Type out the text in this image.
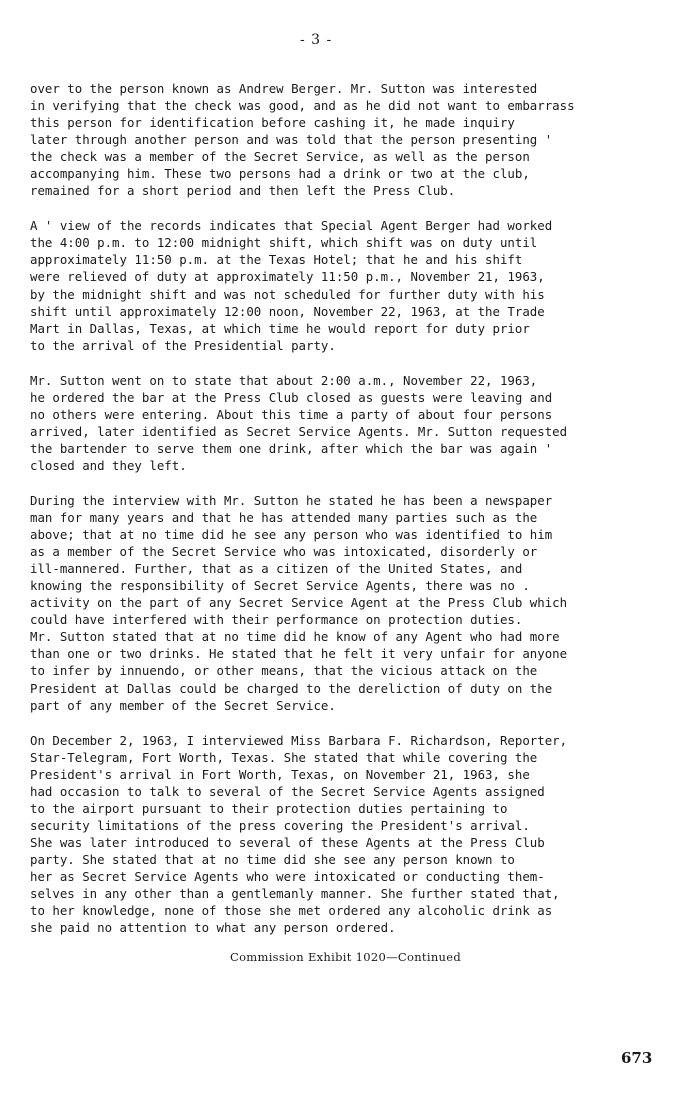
- 3 -
over to the person known as Andrew Berger. Mr. Sutton was interested
in verifying that the check was good, and as he did not want to embarrass
this person for identification before cashing it, he made inquiry
later through another person and was told that the person presenting '
the check was a member of the Secret Service, as well as the person
accompanying him. These two persons had a drink or two at the club,
remained for a short period and then left the Press Club.
A ' view of the records indicates that Special Agent Berger had worked
the 4:00 p.m. to 12:00 midnight shift, which shift was on duty until
approximately 11:50 p.m. at the Texas Hotel; that he and his shift
were relieved of duty at approximately 11:50 p.m., November 21, 1963,
by the midnight shift and was not scheduled for further duty with his
shift until approximately 12:00 noon, November 22, 1963, at the Trade
Mart in Dallas, Texas, at which time he would report for duty prior
to the arrival of the Presidential party.
Mr. Sutton went on to state that about 2:00 a.m., November 22, 1963,
he ordered the bar at the Press Club closed as guests were leaving and
no others were entering. About this time a party of about four persons
arrived, later identified as Secret Service Agents. Mr. Sutton requested
the bartender to serve them one drink, after which the bar was again '
closed and they left.
During the interview with Mr. Sutton he stated he has been a newspaper
man for many years and that he has attended many parties such as the
above; that at no time did he see any person who was identified to him
as a member of the Secret Service who was intoxicated, disorderly or
ill-mannered. Further, that as a citizen of the United States, and
knowing the responsibility of Secret Service Agents, there was no .
activity on the part of any Secret Service Agent at the Press Club which
could have interfered with their performance on protection duties.
Mr. Sutton stated that at no time did he know of any Agent who had more
than one or two drinks. He stated that he felt it very unfair for anyone
to infer by innuendo, or other means, that the vicious attack on the
President at Dallas could be charged to the dereliction of duty on the
part of any member of the Secret Service.
On December 2, 1963, I interviewed Miss Barbara F. Richardson, Reporter,
Star-Telegram, Fort Worth, Texas. She stated that while covering the
President's arrival in Fort Worth, Texas, on November 21, 1963, she
had occasion to talk to several of the Secret Service Agents assigned
to the airport pursuant to their protection duties pertaining to
security limitations of the press covering the President's arrival.
She was later introduced to several of these Agents at the Press Club
party. She stated that at no time did she see any person known to
her as Secret Service Agents who were intoxicated or conducting them-
selves in any other than a gentlemanly manner. She further stated that,
to her knowledge, none of those she met ordered any alcoholic drink as
she paid no attention to what any person ordered.
Commission Exhibit 1020—Continued
673
